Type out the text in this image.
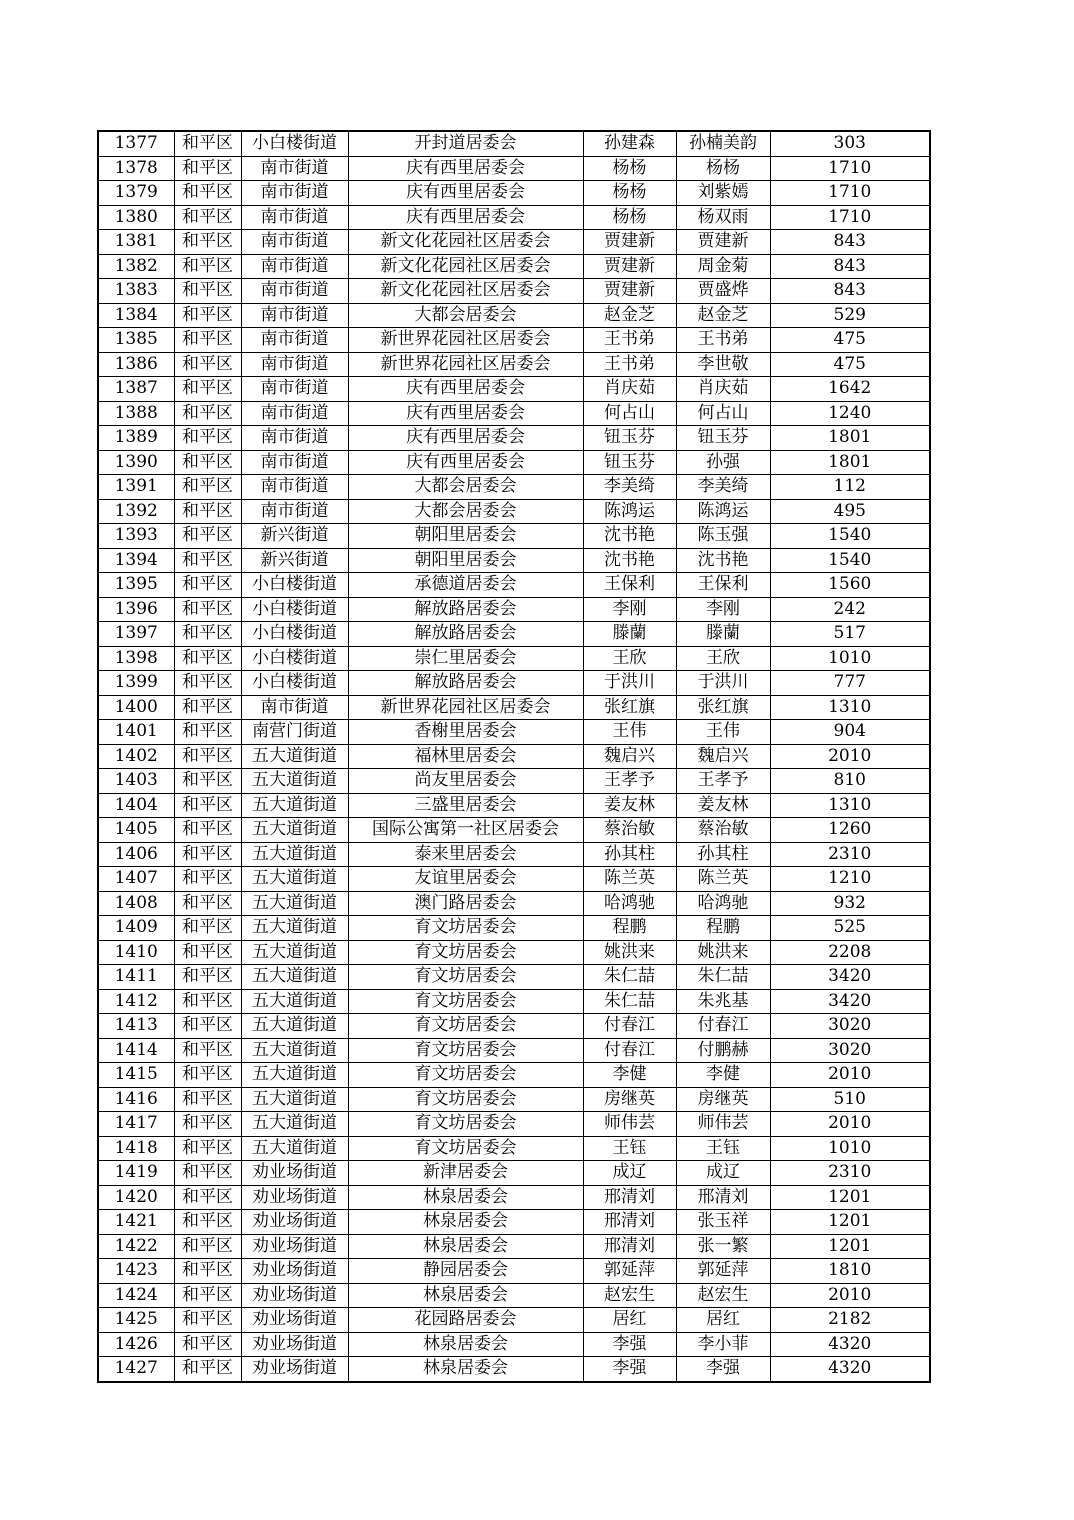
1377	和平区	小白楼街道	开封道居委会	孙建森	孙楠美韵	303
1378	和平区	南市街道	庆有西里居委会	杨杨	杨杨	1710
1379	和平区	南市街道	庆有西里居委会	杨杨	刘紫嫣	1710
1380	和平区	南市街道	庆有西里居委会	杨杨	杨双雨	1710
1381	和平区	南市街道	新文化花园社区居委会	贾建新	贾建新	843
1382	和平区	南市街道	新文化花园社区居委会	贾建新	周金菊	843
1383	和平区	南市街道	新文化花园社区居委会	贾建新	贾盛烨	843
1384	和平区	南市街道	大都会居委会	赵金芝	赵金芝	529
1385	和平区	南市街道	新世界花园社区居委会	王书弟	王书弟	475
1386	和平区	南市街道	新世界花园社区居委会	王书弟	李世敬	475
1387	和平区	南市街道	庆有西里居委会	肖庆茹	肖庆茹	1642
1388	和平区	南市街道	庆有西里居委会	何占山	何占山	1240
1389	和平区	南市街道	庆有西里居委会	钮玉芬	钮玉芬	1801
1390	和平区	南市街道	庆有西里居委会	钮玉芬	孙强	1801
1391	和平区	南市街道	大都会居委会	李美绮	李美绮	112
1392	和平区	南市街道	大都会居委会	陈鸿运	陈鸿运	495
1393	和平区	新兴街道	朝阳里居委会	沈书艳	陈玉强	1540
1394	和平区	新兴街道	朝阳里居委会	沈书艳	沈书艳	1540
1395	和平区	小白楼街道	承德道居委会	王保利	王保利	1560
1396	和平区	小白楼街道	解放路居委会	李刚	李刚	242
1397	和平区	小白楼街道	解放路居委会	滕蘭	滕蘭	517
1398	和平区	小白楼街道	崇仁里居委会	王欣	王欣	1010
1399	和平区	小白楼街道	解放路居委会	于洪川	于洪川	777
1400	和平区	南市街道	新世界花园社区居委会	张红旗	张红旗	1310
1401	和平区	南营门街道	香榭里居委会	王伟	王伟	904
1402	和平区	五大道街道	福林里居委会	魏启兴	魏启兴	2010
1403	和平区	五大道街道	尚友里居委会	王孝予	王孝予	810
1404	和平区	五大道街道	三盛里居委会	姜友林	姜友林	1310
1405	和平区	五大道街道	国际公寓第一社区居委会	蔡治敏	蔡治敏	1260
1406	和平区	五大道街道	泰来里居委会	孙其柱	孙其柱	2310
1407	和平区	五大道街道	友谊里居委会	陈兰英	陈兰英	1210
1408	和平区	五大道街道	澳门路居委会	哈鸿驰	哈鸿驰	932
1409	和平区	五大道街道	育文坊居委会	程鹏	程鹏	525
1410	和平区	五大道街道	育文坊居委会	姚洪来	姚洪来	2208
1411	和平区	五大道街道	育文坊居委会	朱仁喆	朱仁喆	3420
1412	和平区	五大道街道	育文坊居委会	朱仁喆	朱兆基	3420
1413	和平区	五大道街道	育文坊居委会	付春江	付春江	3020
1414	和平区	五大道街道	育文坊居委会	付春江	付鹏赫	3020
1415	和平区	五大道街道	育文坊居委会	李健	李健	2010
1416	和平区	五大道街道	育文坊居委会	房继英	房继英	510
1417	和平区	五大道街道	育文坊居委会	师伟芸	师伟芸	2010
1418	和平区	五大道街道	育文坊居委会	王钰	王钰	1010
1419	和平区	劝业场街道	新津居委会	成辽	成辽	2310
1420	和平区	劝业场街道	林泉居委会	邢清刘	邢清刘	1201
1421	和平区	劝业场街道	林泉居委会	邢清刘	张玉祥	1201
1422	和平区	劝业场街道	林泉居委会	邢清刘	张一繁	1201
1423	和平区	劝业场街道	静园居委会	郭延萍	郭延萍	1810
1424	和平区	劝业场街道	林泉居委会	赵宏生	赵宏生	2010
1425	和平区	劝业场街道	花园路居委会	居红	居红	2182
1426	和平区	劝业场街道	林泉居委会	李强	李小菲	4320
1427	和平区	劝业场街道	林泉居委会	李强	李强	4320
